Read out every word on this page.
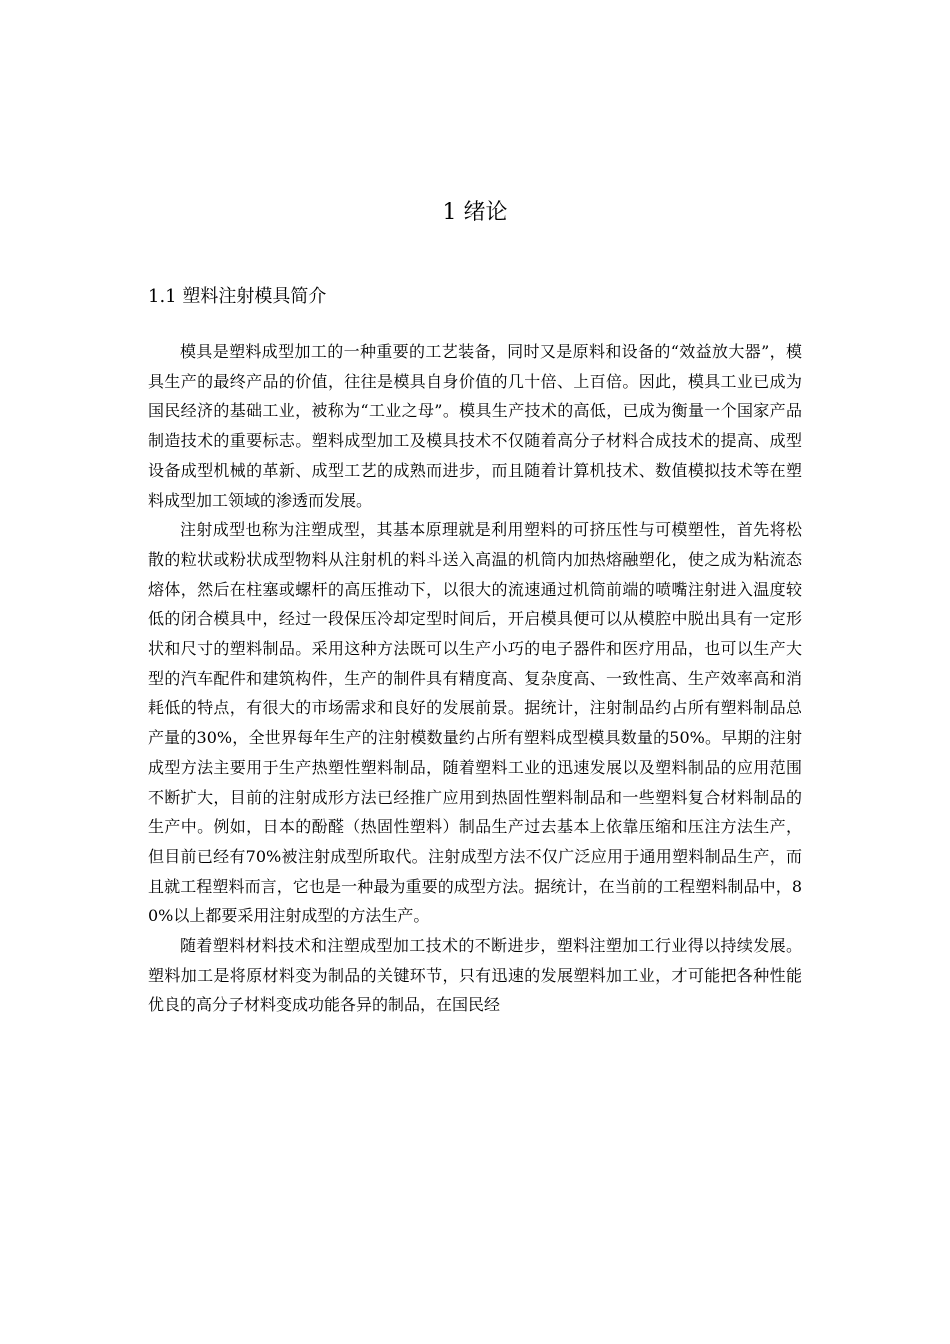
1 绪论
1.1 塑料注射模具简介

模具是塑料成型加工的一种重要的工艺装备，同时又是原料和设备的“效益放大器”，模具生产的最终产品的价值，往往是模具自身价值的几十倍、上百倍。因此，模具工业已成为国民经济的基础工业，被称为“工业之母”。模具生产技术的高低，已成为衡量一个国家产品制造技术的重要标志。塑料成型加工及模具技术不仅随着高分子材料合成技术的提高、成型设备成型机械的革新、成型工艺的成熟而进步，而且随着计算机技术、数值模拟技术等在塑料成型加工领域的渗透而发展。

注射成型也称为注塑成型，其基本原理就是利用塑料的可挤压性与可模塑性，首先将松散的粒状或粉状成型物料从注射机的料斗送入高温的机筒内加热熔融塑化，使之成为粘流态熔体，然后在柱塞或螺杆的高压推动下，以很大的流速通过机筒前端的喷嘴注射进入温度较低的闭合模具中，经过一段保压冷却定型时间后，开启模具便可以从模腔中脱出具有一定形状和尺寸的塑料制品。采用这种方法既可以生产小巧的电子器件和医疗用品，也可以生产大型的汽车配件和建筑构件，生产的制件具有精度高、复杂度高、一致性高、生产效率高和消耗低的特点，有很大的市场需求和良好的发展前景。据统计，注射制品约占所有塑料制品总产量的30%，全世界每年生产的注射模数量约占所有塑料成型模具数量的50%。早期的注射成型方法主要用于生产热塑性塑料制品，随着塑料工业的迅速发展以及塑料制品的应用范围不断扩大，目前的注射成形方法已经推广应用到热固性塑料制品和一些塑料复合材料制品的生产中。例如，日本的酚醛（热固性塑料）制品生产过去基本上依靠压缩和压注方法生产，但目前已经有70%被注射成型所取代。注射成型方法不仅广泛应用于通用塑料制品生产，而且就工程塑料而言，它也是一种最为重要的成型方法。据统计，在当前的工程塑料制品中，80%以上都要采用注射成型的方法生产。

随着塑料材料技术和注塑成型加工技术的不断进步，塑料注塑加工行业得以持续发展。塑料加工是将原材料变为制品的关键环节，只有迅速的发展塑料加工业，才可能把各种性能优良的高分子材料变成功能各异的制品，在国民经
